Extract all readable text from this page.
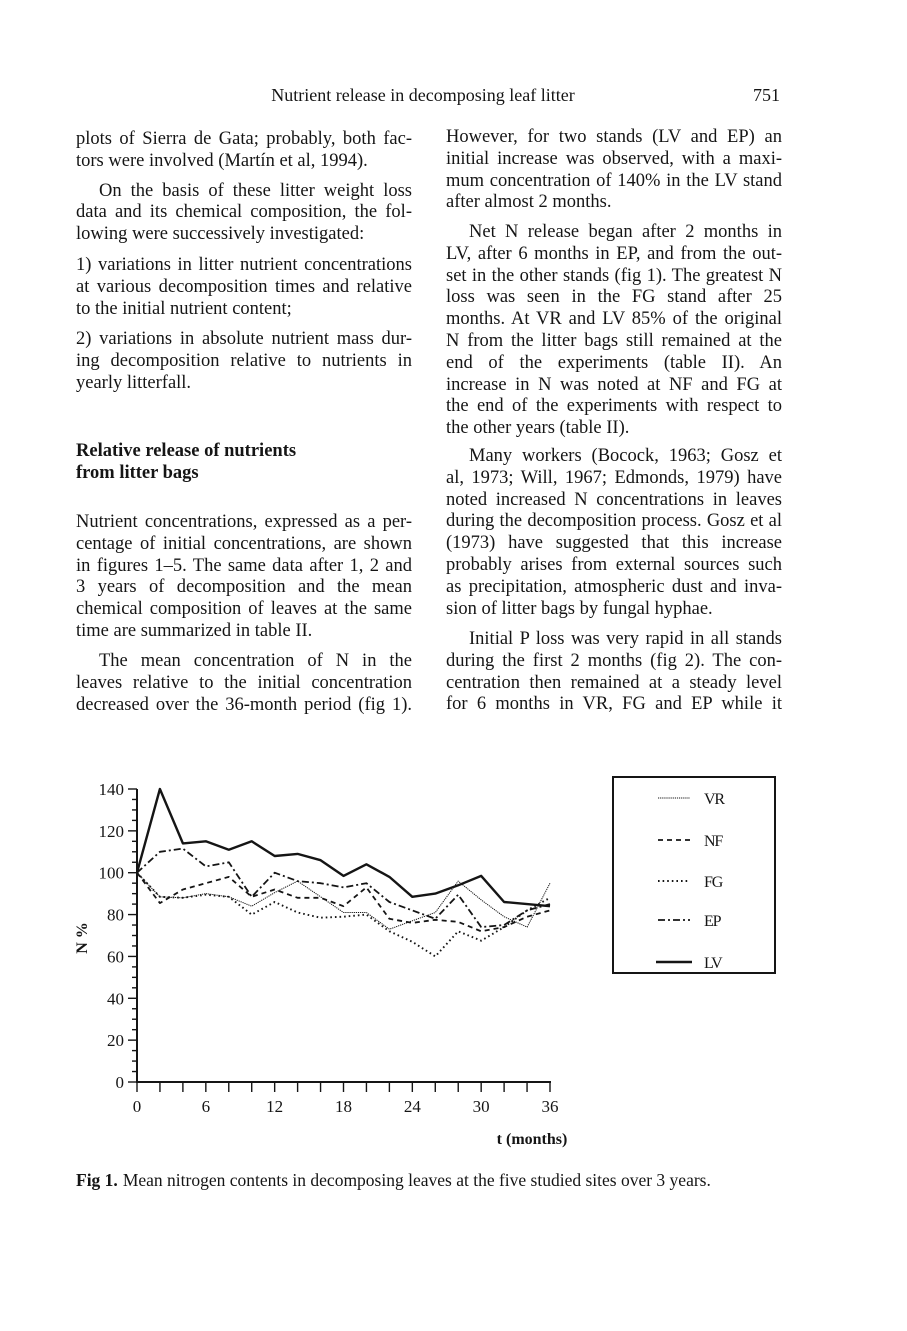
Nutrient release in decomposing leaf litter	751
plots of Sierra de Gata; probably, both fac-
tors were involved (Martín et al, 1994).
On the basis of these litter weight loss
data and its chemical composition, the fol-
lowing were successively investigated:
1) variations in litter nutrient concentrations
at various decomposition times and relative
to the initial nutrient content;
2) variations in absolute nutrient mass dur-
ing decomposition relative to nutrients in
yearly litterfall.
Relative release of nutrients
from litter bags
Nutrient concentrations, expressed as a per-
centage of initial concentrations, are shown
in figures 1–5. The same data after 1, 2 and
3 years of decomposition and the mean
chemical composition of leaves at the same
time are summarized in table II.
The mean concentration of N in the
leaves relative to the initial concentration
decreased over the 36-month period (fig 1).
However, for two stands (LV and EP) an
initial increase was observed, with a maxi-
mum concentration of 140% in the LV stand
after almost 2 months.
Net N release began after 2 months in
LV, after 6 months in EP, and from the out-
set in the other stands (fig 1). The greatest N
loss was seen in the FG stand after 25
months. At VR and LV 85% of the original
N from the litter bags still remained at the
end of the experiments (table II). An
increase in N was noted at NF and FG at
the end of the experiments with respect to
the other years (table II).
Many workers (Bocock, 1963; Gosz et
al, 1973; Will, 1967; Edmonds, 1979) have
noted increased N concentrations in leaves
during the decomposition process. Gosz et al
(1973) have suggested that this increase
probably arises from external sources such
as precipitation, atmospheric dust and inva-
sion of litter bags by fungal hyphae.
Initial P loss was very rapid in all stands
during the first 2 months (fig 2). The con-
centration then remained at a steady level
for 6 months in VR, FG and EP while it
0
20
40
60
80
100
120
140
0	6	12	18	24	30	36
t (months)
N %
VR
NF
FG
EP
LV
Fig 1. Mean nitrogen contents in decomposing leaves at the five studied sites over 3 years.
